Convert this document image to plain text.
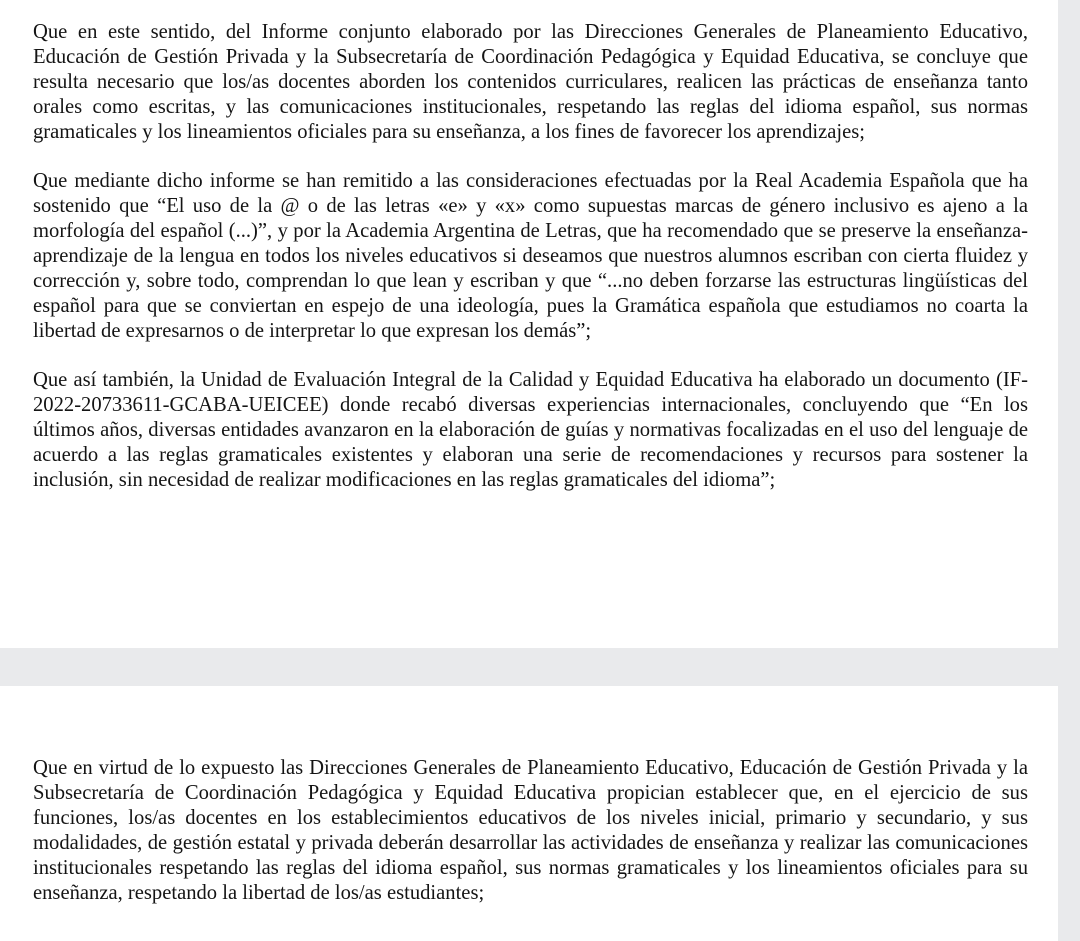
Que en este sentido, del Informe conjunto elaborado por las Direcciones Generales de Planeamiento Educativo, Educación de Gestión Privada y la Subsecretaría de Coordinación Pedagógica y Equidad Educativa, se concluye que resulta necesario que los/as docentes aborden los contenidos curriculares, realicen las prácticas de enseñanza tanto orales como escritas, y las comunicaciones institucionales, respetando las reglas del idioma español, sus normas gramaticales y los lineamientos oficiales para su enseñanza, a los fines de favorecer los aprendizajes;

Que mediante dicho informe se han remitido a las consideraciones efectuadas por la Real Academia Española que ha sostenido que “El uso de la @ o de las letras «e» y «x» como supuestas marcas de género inclusivo es ajeno a la morfología del español (...)”, y por la Academia Argentina de Letras, que ha recomendado que se preserve la enseñanza-aprendizaje de la lengua en todos los niveles educativos si deseamos que nuestros alumnos escriban con cierta fluidez y corrección y, sobre todo, comprendan lo que lean y escriban y que “...no deben forzarse las estructuras lingüísticas del español para que se conviertan en espejo de una ideología, pues la Gramática española que estudiamos no coarta la libertad de expresarnos o de interpretar lo que expresan los demás”;

Que así también, la Unidad de Evaluación Integral de la Calidad y Equidad Educativa ha elaborado un documento (IF-2022-20733611-GCABA-UEICEE) donde recabó diversas experiencias internacionales, concluyendo que “En los últimos años, diversas entidades avanzaron en la elaboración de guías y normativas focalizadas en el uso del lenguaje de acuerdo a las reglas gramaticales existentes y elaboran una serie de recomendaciones y recursos para sostener la inclusión, sin necesidad de realizar modificaciones en las reglas gramaticales del idioma”;

Que en virtud de lo expuesto las Direcciones Generales de Planeamiento Educativo, Educación de Gestión Privada y la Subsecretaría de Coordinación Pedagógica y Equidad Educativa propician establecer que, en el ejercicio de sus funciones, los/as docentes en los establecimientos educativos de los niveles inicial, primario y secundario, y sus modalidades, de gestión estatal y privada deberán desarrollar las actividades de enseñanza y realizar las comunicaciones institucionales respetando las reglas del idioma español, sus normas gramaticales y los lineamientos oficiales para su enseñanza, respetando la libertad de los/as estudiantes;
